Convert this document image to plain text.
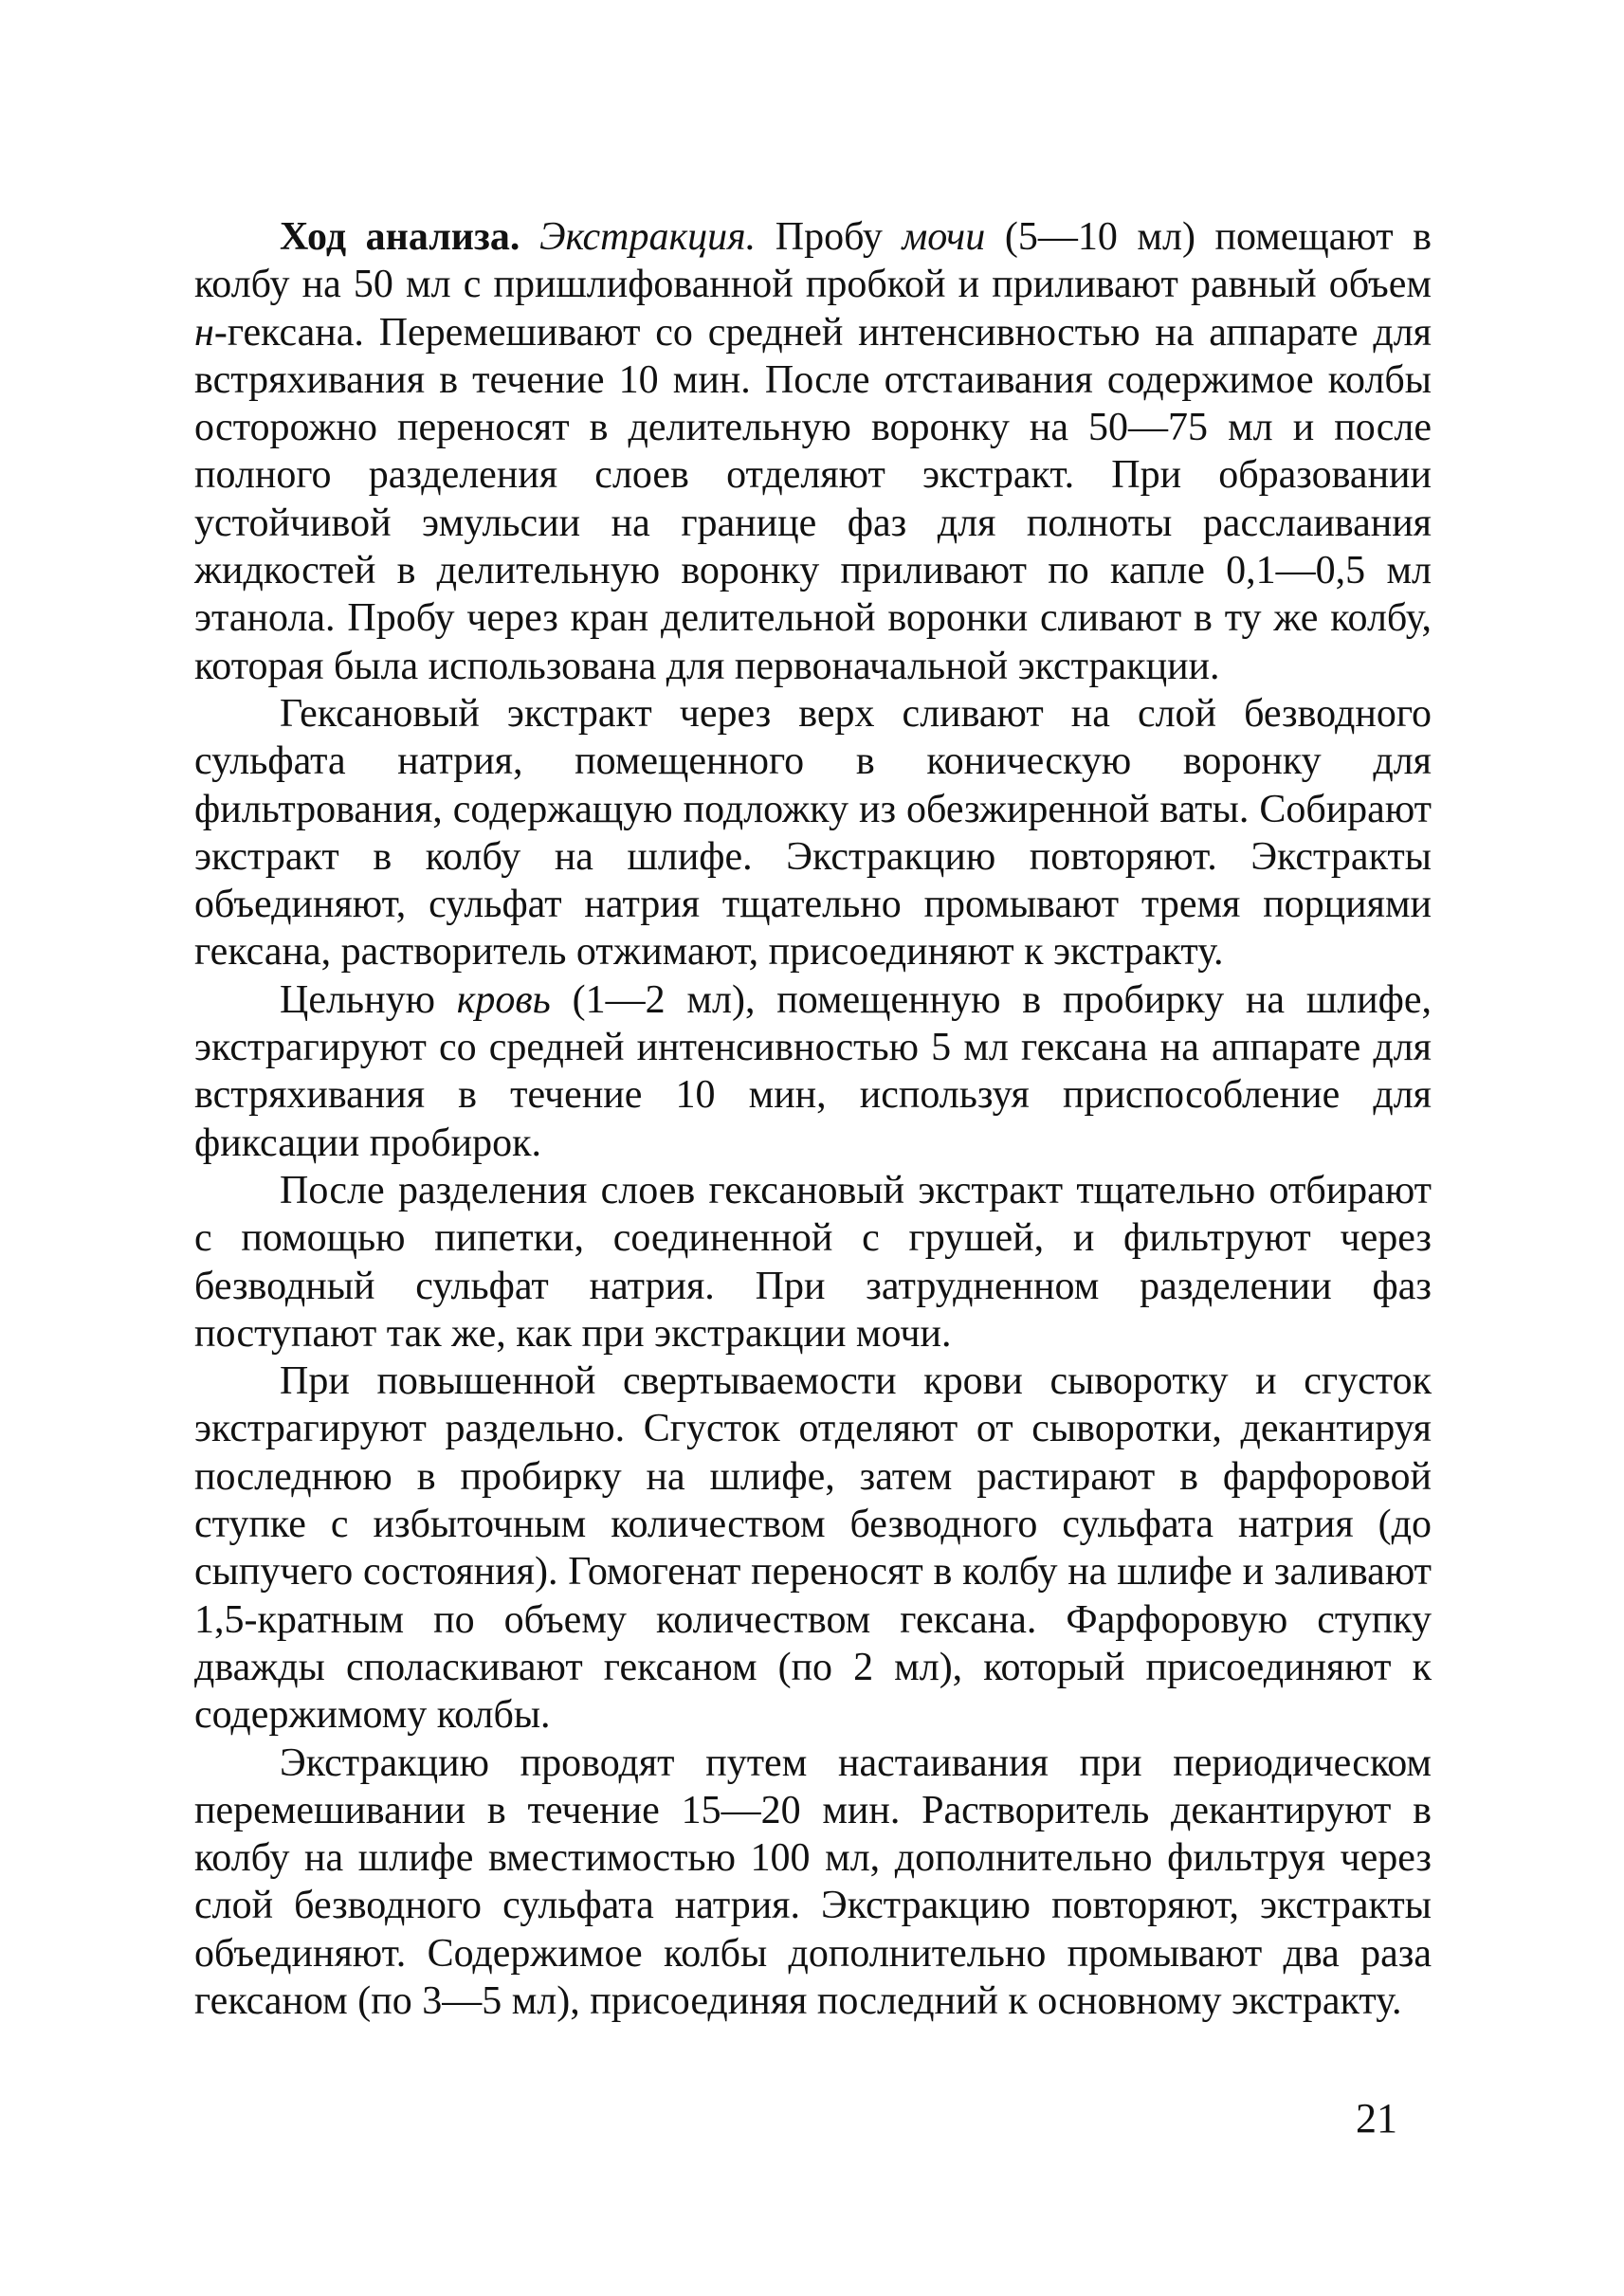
Ход анализа. Экстракция. Пробу мочи (5—10 мл) помещают в колбу на 50 мл с пришлифованной пробкой и приливают равный объем н-гексана. Перемешивают со средней интенсивностью на аппарате для встряхивания в течение 10 мин. После отстаивания содержимое колбы осторожно переносят в делительную воронку на 50—75 мл и после полного разделения слоев отделяют экстракт. При образовании устойчивой эмульсии на границе фаз для полноты расслаивания жидкостей в делительную воронку приливают по капле 0,1—0,5 мл этанола. Пробу через кран делительной воронки сливают в ту же колбу, которая была использована для первоначальной экстракции.

Гексановый экстракт через верх сливают на слой безводного сульфата натрия, помещенного в коническую воронку для фильтрования, содержащую подложку из обезжиренной ваты. Собирают экстракт в колбу на шлифе. Экстракцию повторяют. Экстракты объединяют, сульфат натрия тщательно промывают тремя порциями гексана, растворитель отжимают, присоединяют к экстракту.

Цельную кровь (1—2 мл), помещенную в пробирку на шлифе, экстрагируют со средней интенсивностью 5 мл гексана на аппарате для встряхивания в течение 10 мин, используя приспособление для фиксации пробирок.

После разделения слоев гексановый экстракт тщательно отбирают с помощью пипетки, соединенной с грушей, и фильтруют через безводный сульфат натрия. При затрудненном разделении фаз поступают так же, как при экстракции мочи.

При повышенной свертываемости крови сыворотку и сгусток экстрагируют раздельно. Сгусток отделяют от сыворотки, декантируя последнюю в пробирку на шлифе, затем растирают в фарфоровой ступке с избыточным количеством безводного сульфата натрия (до сыпучего состояния). Гомогенат переносят в колбу на шлифе и заливают 1,5-кратным по объему количеством гексана. Фарфоровую ступку дважды споласкивают гексаном (по 2 мл), который присоединяют к содержимому колбы.

Экстракцию проводят путем настаивания при периодическом перемешивании в течение 15—20 мин. Растворитель декантируют в колбу на шлифе вместимостью 100 мл, дополнительно фильтруя через слой безводного сульфата натрия. Экстракцию повторяют, экстракты объединяют. Содержимое колбы дополнительно промывают два раза гексаном (по 3—5 мл), присоединяя последний к основному экстракту.

21
